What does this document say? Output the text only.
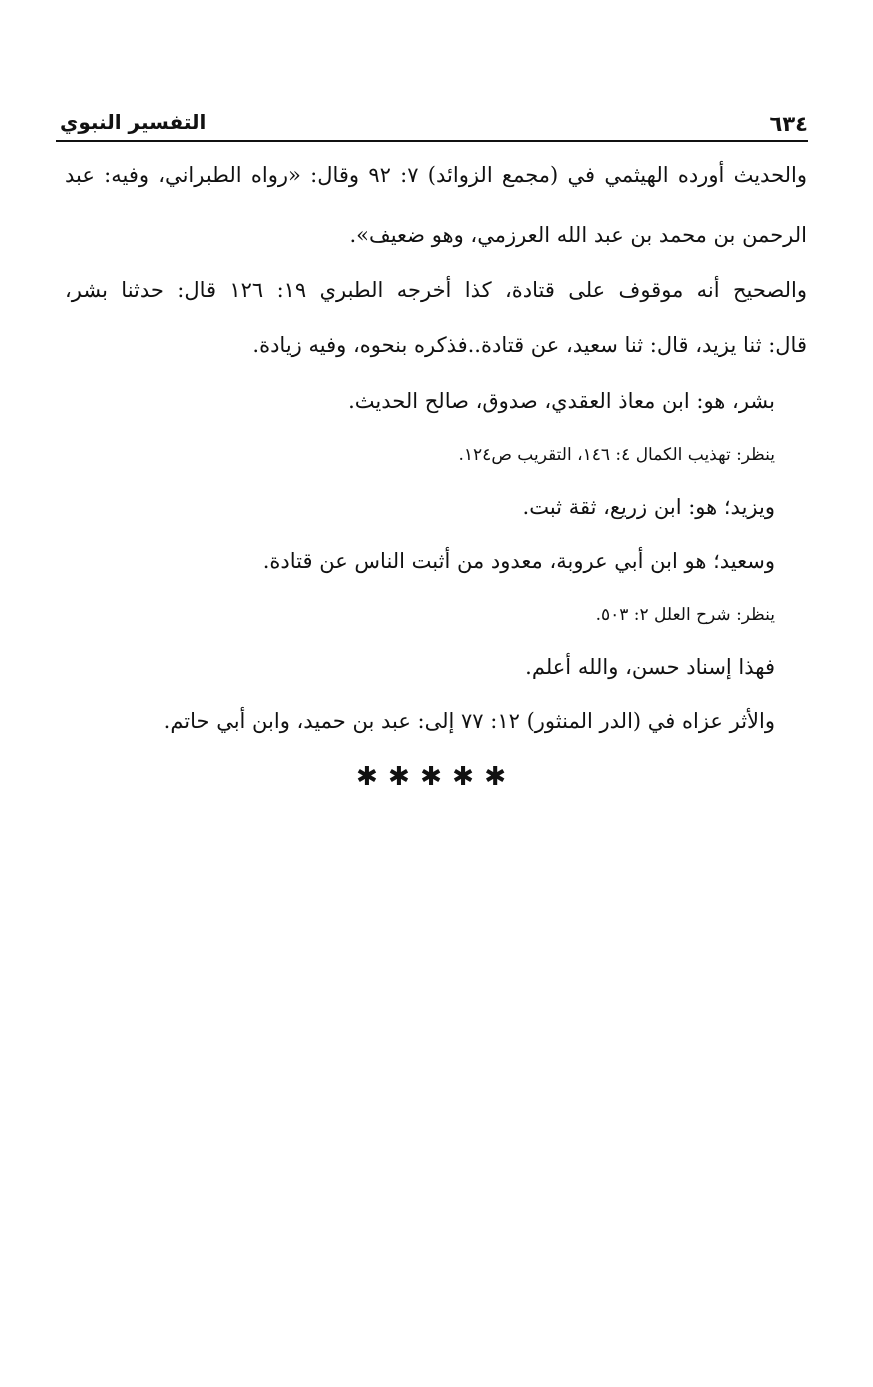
٦٣٤
التفسير النبوي
والحديث أورده الهيثمي في (مجمع الزوائد) ٧: ٩٢ وقال: «رواه الطبراني، وفيه: عبد
الرحمن بن محمد بن عبد الله العرزمي، وهو ضعيف».
والصحيح أنه موقوف على قتادة، كذا أخرجه الطبري ١٩: ١٢٦ قال: حدثنا بشر،
قال: ثنا يزيد، قال: ثنا سعيد، عن قتادة..فذكره بنحوه، وفيه زيادة.
بشر، هو: ابن معاذ العقدي، صدوق، صالح الحديث.
ينظر: تهذيب الكمال ٤: ١٤٦، التقريب ص١٢٤.
ويزيد؛ هو: ابن زريع، ثقة ثبت.
وسعيد؛ هو ابن أبي عروبة، معدود من أثبت الناس عن قتادة.
ينظر: شرح العلل ٢: ٥٠٣.
فهذا إسناد حسن، والله أعلم.
والأثر عزاه في (الدر المنثور) ١٢: ٧٧ إلى: عبد بن حميد، وابن أبي حاتم.
✱ ✱ ✱ ✱ ✱
